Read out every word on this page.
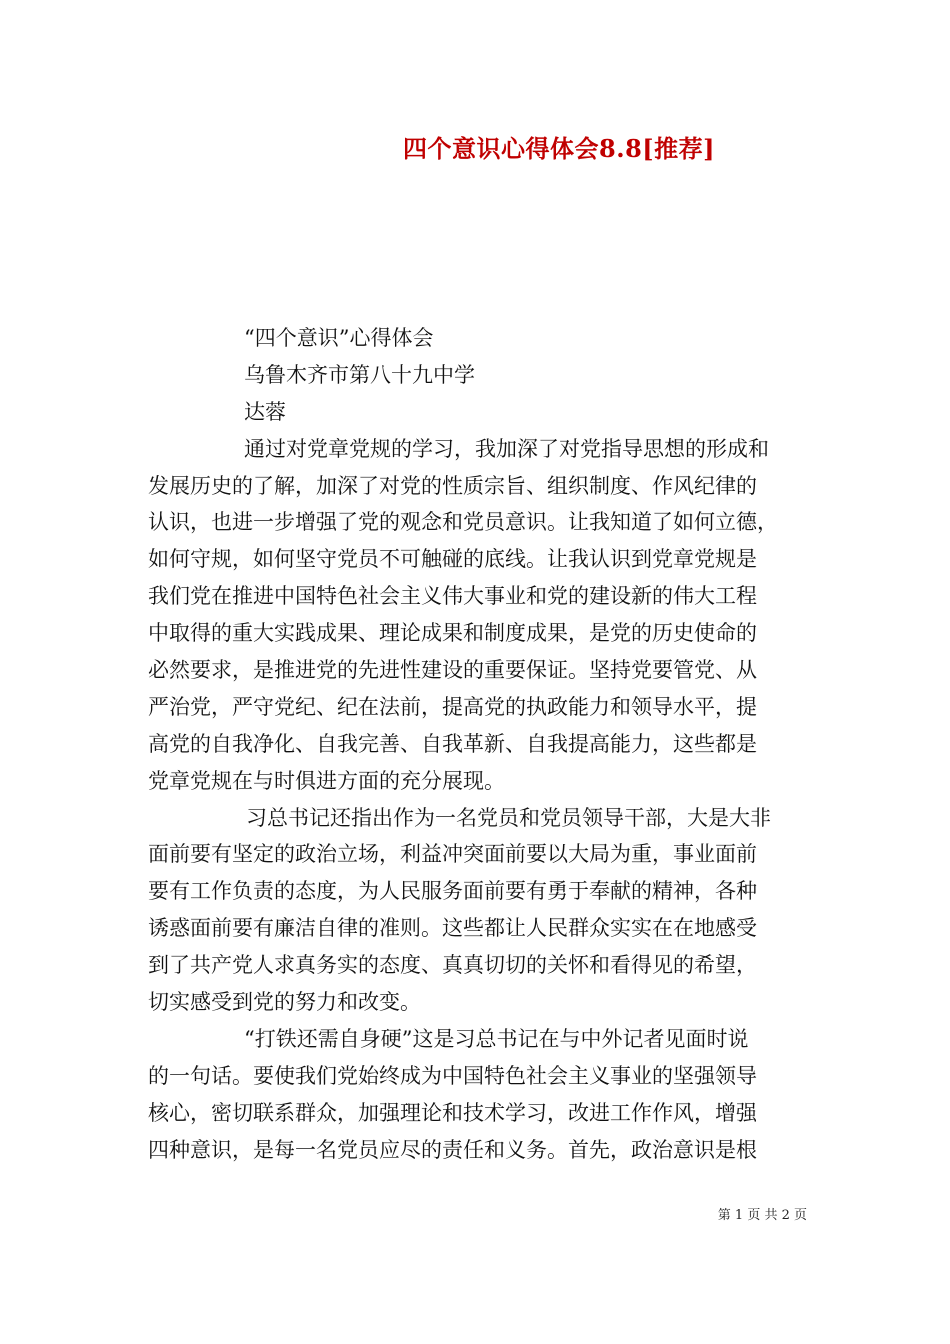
四个意识心得体会8.8[推荐]
“四个意识”心得体会
乌鲁木齐市第八十九中学
达蓉
通过对党章党规的学习，我加深了对党指导思想的形成和
发展历史的了解，加深了对党的性质宗旨、组织制度、作风纪律的
认识，也进一步增强了党的观念和党员意识。让我知道了如何立德，
如何守规，如何坚守党员不可触碰的底线。让我认识到党章党规是
我们党在推进中国特色社会主义伟大事业和党的建设新的伟大工程
中取得的重大实践成果、理论成果和制度成果，是党的历史使命的
必然要求，是推进党的先进性建设的重要保证。坚持党要管党、从
严治党，严守党纪、纪在法前，提高党的执政能力和领导水平，提
高党的自我净化、自我完善、自我革新、自我提高能力，这些都是
党章党规在与时俱进方面的充分展现。
习总书记还指出作为一名党员和党员领导干部，大是大非
面前要有坚定的政治立场，利益冲突面前要以大局为重，事业面前
要有工作负责的态度，为人民服务面前要有勇于奉献的精神，各种
诱惑面前要有廉洁自律的准则。这些都让人民群众实实在在地感受
到了共产党人求真务实的态度、真真切切的关怀和看得见的希望，
切实感受到党的努力和改变。
“打铁还需自身硬”这是习总书记在与中外记者见面时说
的一句话。要使我们党始终成为中国特色社会主义事业的坚强领导
核心，密切联系群众，加强理论和技术学习，改进工作作风，增强
四种意识，是每一名党员应尽的责任和义务。首先，政治意识是根
第 1 页 共 2 页
